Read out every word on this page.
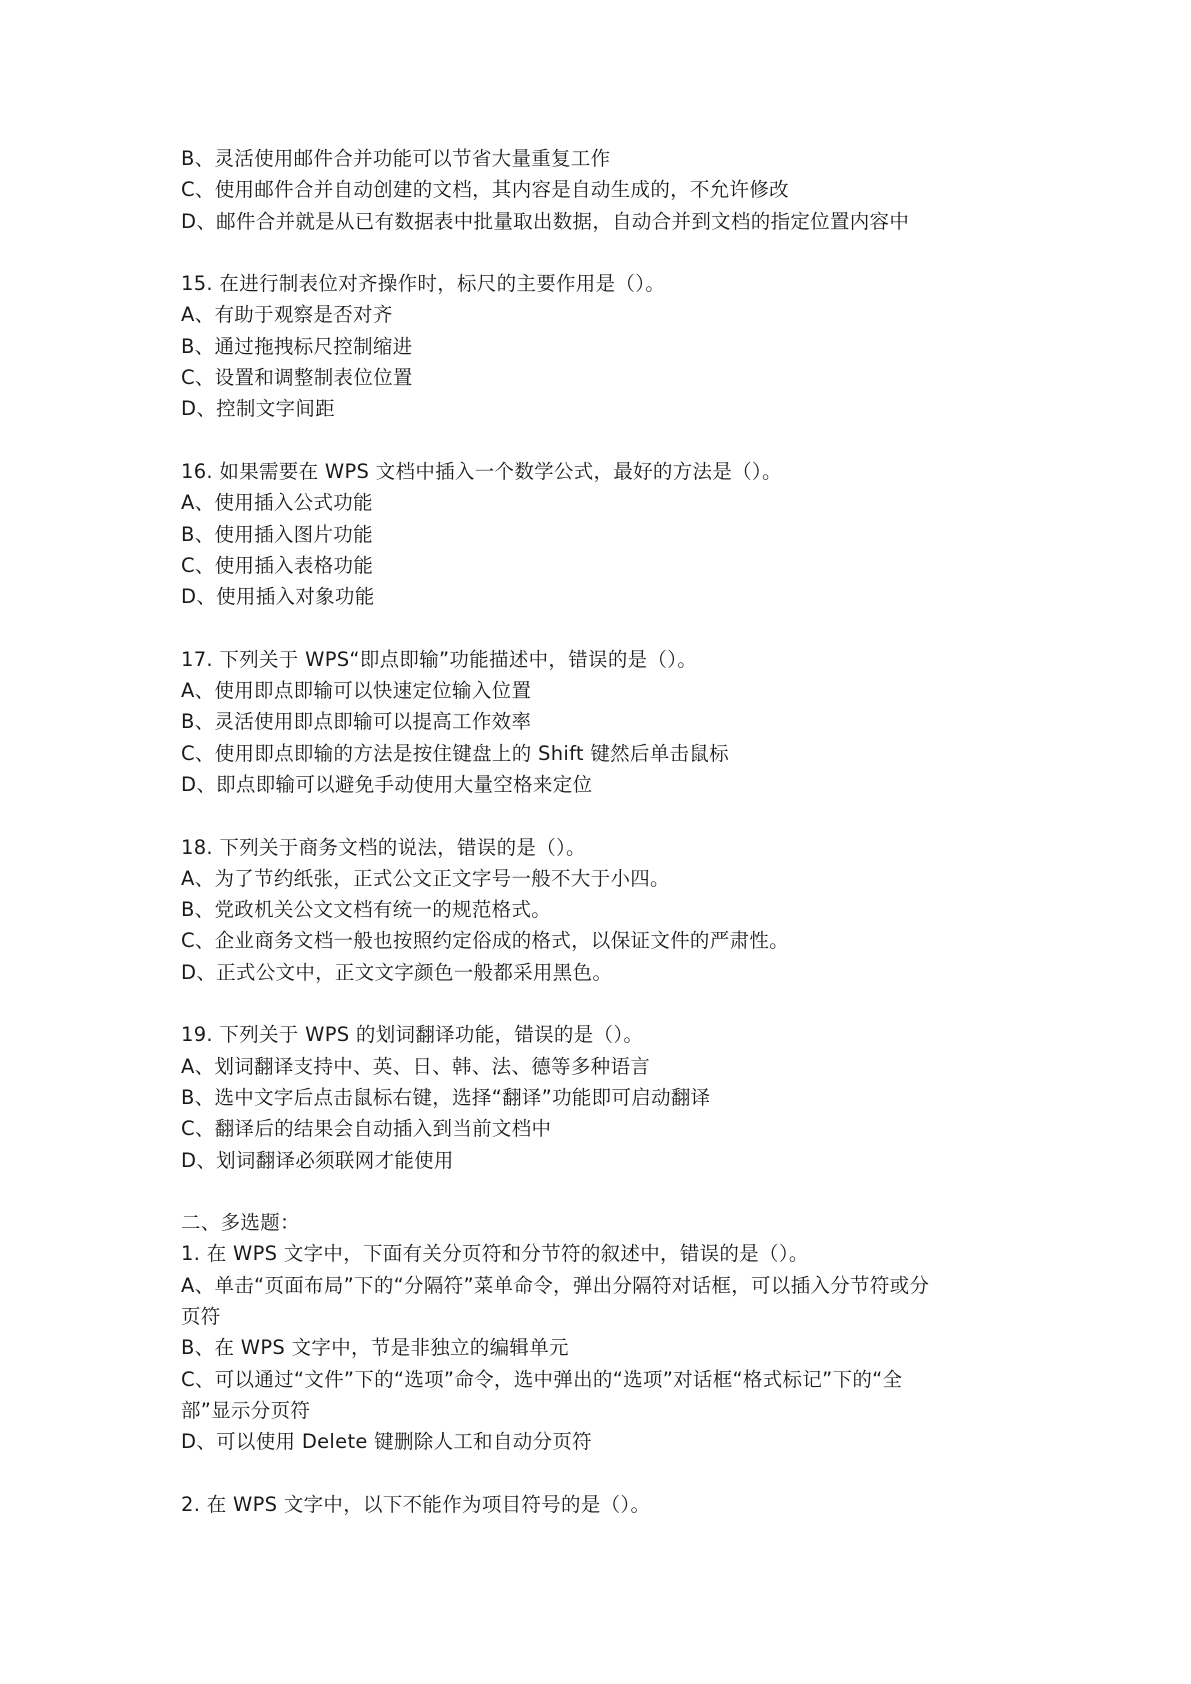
B、灵活使用邮件合并功能可以节省大量重复工作

C、使用邮件合并自动创建的文档，其内容是自动生成的，不允许修改

D、邮件合并就是从已有数据表中批量取出数据，自动合并到文档的指定位置内容中

15. 在进行制表位对齐操作时，标尺的主要作用是（）。

A、有助于观察是否对齐

B、通过拖拽标尺控制缩进

C、设置和调整制表位位置

D、控制文字间距

16. 如果需要在 WPS 文档中插入一个数学公式，最好的方法是（）。

A、使用插入公式功能

B、使用插入图片功能

C、使用插入表格功能

D、使用插入对象功能

17. 下列关于 WPS“即点即输”功能描述中，错误的是（）。

A、使用即点即输可以快速定位输入位置

B、灵活使用即点即输可以提高工作效率

C、使用即点即输的方法是按住键盘上的 Shift 键然后单击鼠标

D、即点即输可以避免手动使用大量空格来定位

18. 下列关于商务文档的说法，错误的是（）。

A、为了节约纸张，正式公文正文字号一般不大于小四。

B、党政机关公文文档有统一的规范格式。

C、企业商务文档一般也按照约定俗成的格式，以保证文件的严肃性。

D、正式公文中，正文文字颜色一般都采用黑色。

19. 下列关于 WPS 的划词翻译功能，错误的是（）。

A、划词翻译支持中、英、日、韩、法、德等多种语言

B、选中文字后点击鼠标右键，选择“翻译”功能即可启动翻译

C、翻译后的结果会自动插入到当前文档中

D、划词翻译必须联网才能使用

二、多选题：

1. 在 WPS 文字中，下面有关分页符和分节符的叙述中，错误的是（）。

A、单击“页面布局”下的“分隔符”菜单命令，弹出分隔符对话框，可以插入分节符或分

页符

B、在 WPS 文字中，节是非独立的编辑单元

C、可以通过“文件”下的“选项”命令，选中弹出的“选项”对话框“格式标记”下的“全

部”显示分页符

D、可以使用 Delete 键删除人工和自动分页符

2. 在 WPS 文字中，以下不能作为项目符号的是（）。
